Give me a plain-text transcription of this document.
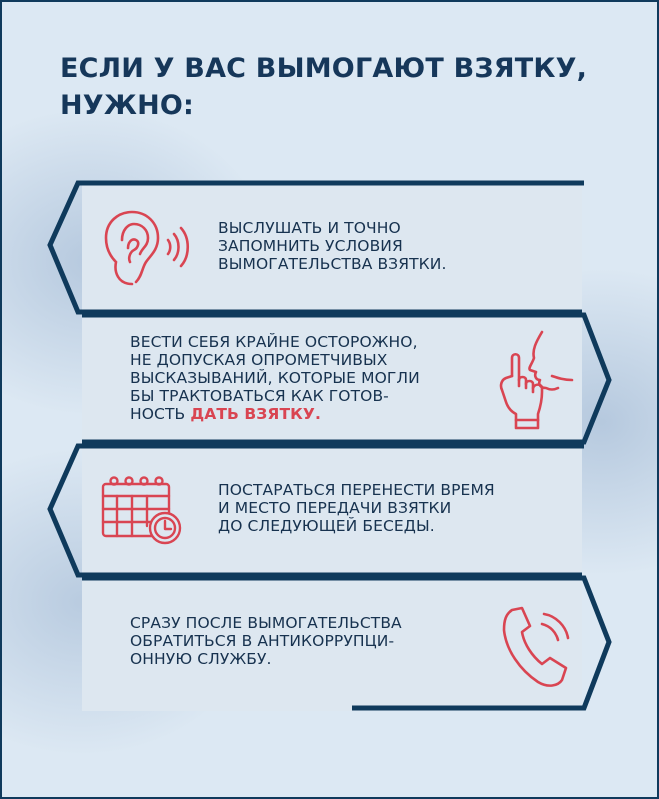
ЕСЛИ У ВАС ВЫМОГАЮТ ВЗЯТКУ,
НУЖНО:

ВЫСЛУШАТЬ И ТОЧНО
ЗАПОМНИТЬ УСЛОВИЯ
ВЫМОГАТЕЛЬСТВА ВЗЯТКИ.

ВЕСТИ СЕБЯ КРАЙНЕ ОСТОРОЖНО,
НЕ ДОПУСКАЯ ОПРОМЕТЧИВЫХ
ВЫСКАЗЫВАНИЙ, КОТОРЫЕ МОГЛИ
БЫ ТРАКТОВАТЬСЯ КАК ГОТОВ-
НОСТЬ ДАТЬ ВЗЯТКУ.

ПОСТАРАТЬСЯ ПЕРЕНЕСТИ ВРЕМЯ
И МЕСТО ПЕРЕДАЧИ ВЗЯТКИ
ДО СЛЕДУЮЩЕЙ БЕСЕДЫ.

СРАЗУ ПОСЛЕ ВЫМОГАТЕЛЬСТВА
ОБРАТИТЬСЯ В АНТИКОРРУПЦИ-
ОННУЮ СЛУЖБУ.
